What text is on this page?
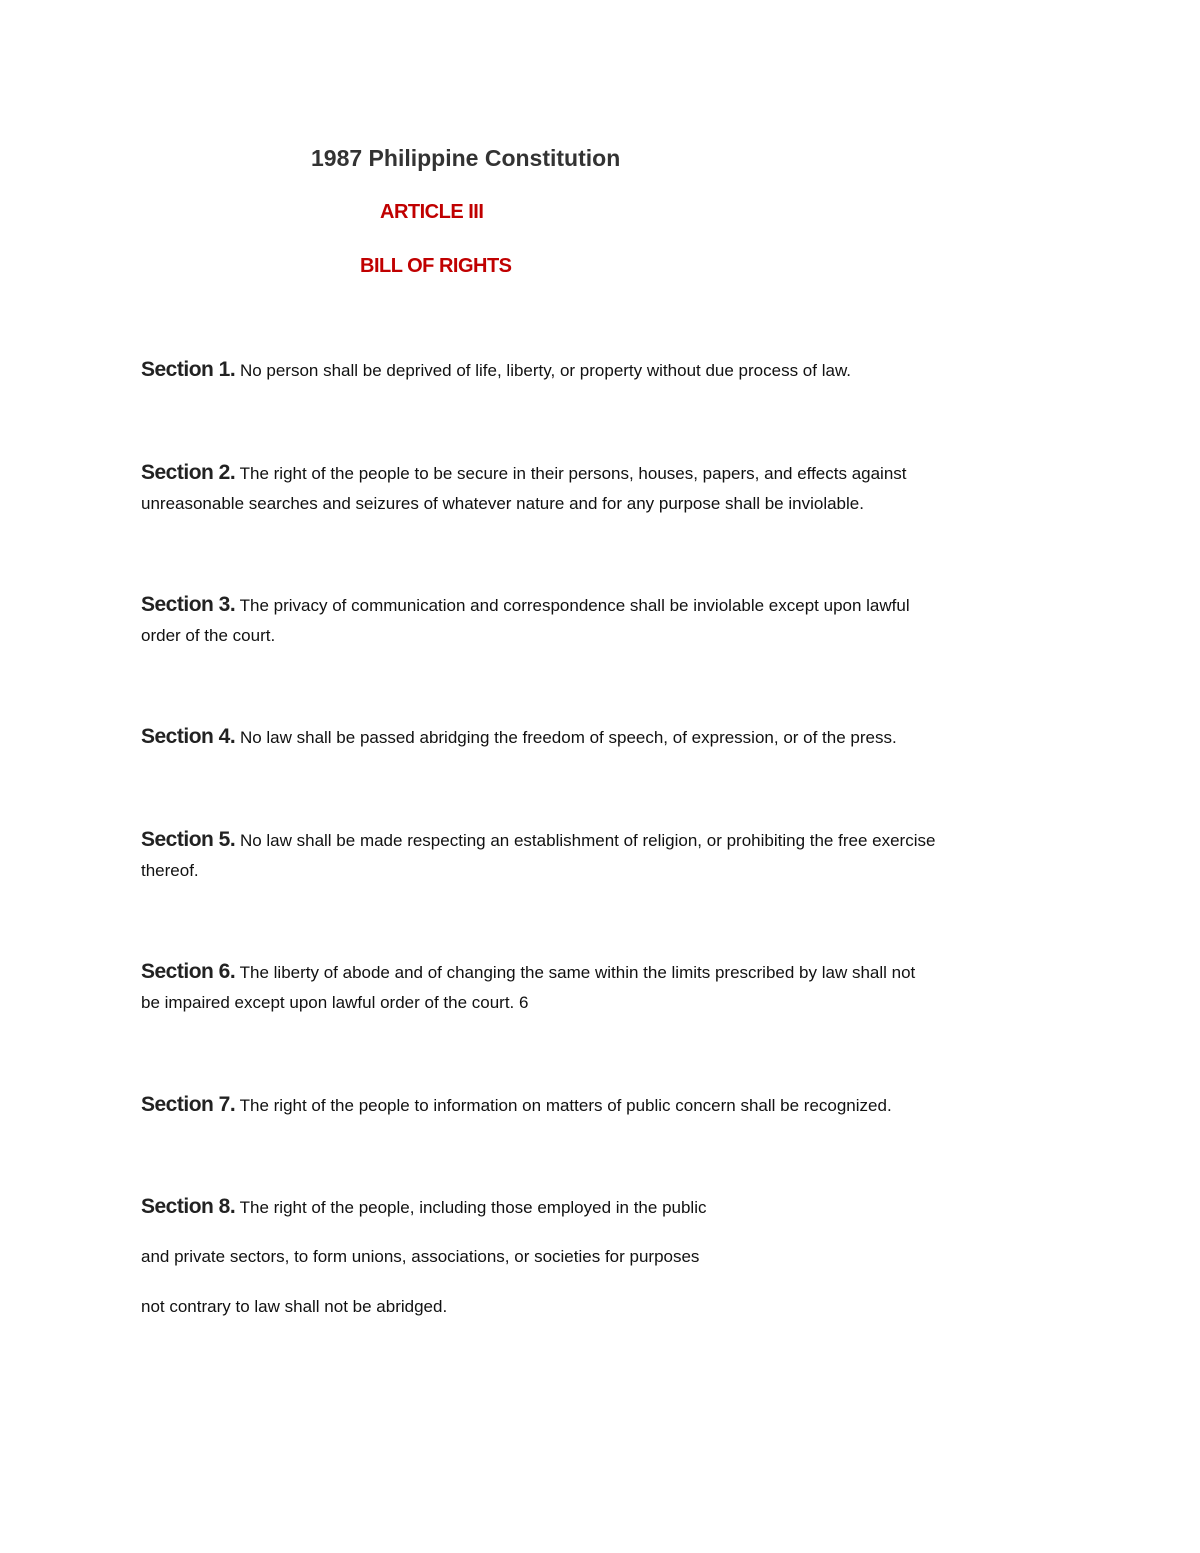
1987 Philippine Constitution
ARTICLE III
BILL OF RIGHTS
Section 1. No person shall be deprived of life, liberty, or property without due process of law.
Section 2. The right of the people to be secure in their persons, houses, papers, and effects against
unreasonable searches and seizures of whatever nature and for any purpose shall be inviolable.
Section 3. The privacy of communication and correspondence shall be inviolable except upon lawful
order of the court.
Section 4. No law shall be passed abridging the freedom of speech, of expression, or of the press.
Section 5. No law shall be made respecting an establishment of religion, or prohibiting the free exercise
thereof.
Section 6. The liberty of abode and of changing the same within the limits prescribed by law shall not
be impaired except upon lawful order of the court. 6
Section 7. The right of the people to information on matters of public concern shall be recognized.
Section 8. The right of the people, including those employed in the public
and private sectors, to form unions, associations, or societies for purposes
not contrary to law shall not be abridged.
